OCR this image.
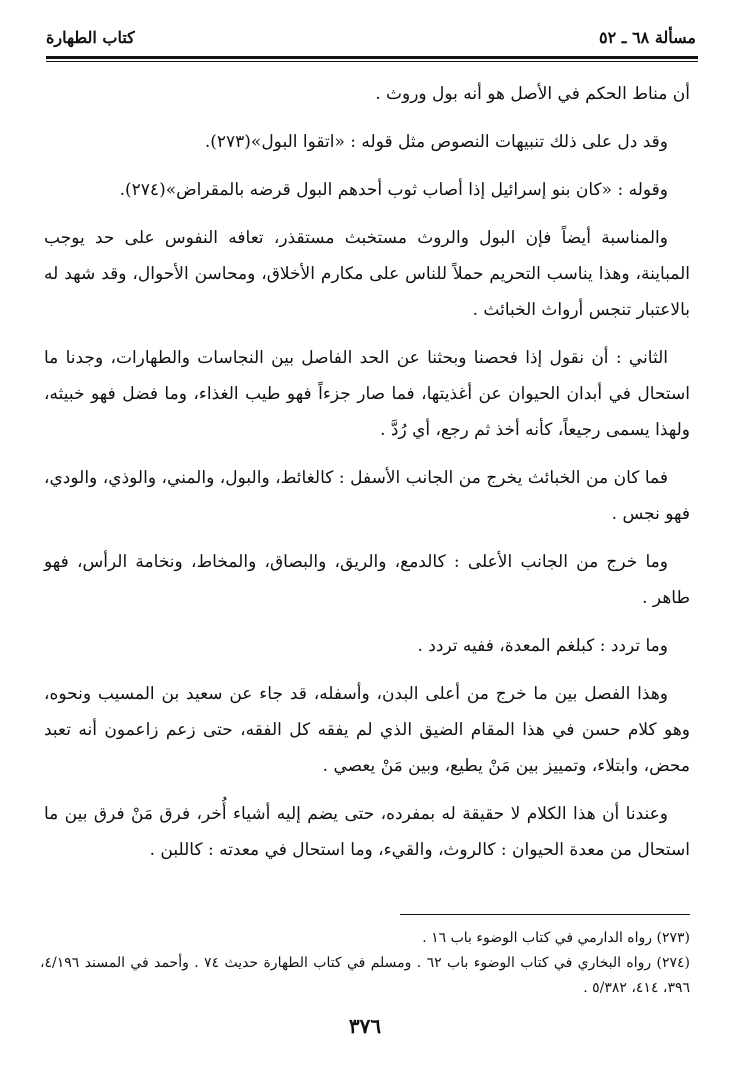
مسألة ٦٨ ـ ٥٢
كتاب الطهارة

أن مناط الحكم في الأصل هو أنه بول وروث .

وقد دل على ذلك تنبيهات النصوص مثل قوله : «اتقوا البول»(٢٧٣).

وقوله : «كان بنو إسرائيل إذا أصاب ثوب أحدهم البول قرضه بالمقراض»(٢٧٤).

والمناسبة أيضاً فإن البول والروث مستخبث مستقذر، تعافه النفوس على حد يوجب المباينة، وهذا يناسب التحريم حملاً للناس على مكارم الأخلاق، ومحاسن الأحوال، وقد شهد له بالاعتبار تنجس أرواث الخبائث .

الثاني : أن نقول إذا فحصنا وبحثنا عن الحد الفاصل بين النجاسات والطهارات، وجدنا ما استحال في أبدان الحيوان عن أغذيتها، فما صار جزءاً فهو طيب الغذاء، وما فضل فهو خبيثه، ولهذا يسمى رجيعاً، كأنه أخذ ثم رجع، أي رُدَّ .

فما كان من الخبائث يخرج من الجانب الأسفل : كالغائط، والبول، والمني، والوذي، والودي، فهو نجس .

وما خرج من الجانب الأعلى : كالدمع، والريق، والبصاق، والمخاط، ونخامة الرأس، فهو طاهر .

وما تردد : كبلغم المعدة، ففيه تردد .

وهذا الفصل بين ما خرج من أعلى البدن، وأسفله، قد جاء عن سعيد بن المسيب ونحوه، وهو كلام حسن في هذا المقام الضيق الذي لم يفقه كل الفقه، حتى زعم زاعمون أنه تعبد محض، وابتلاء، وتمييز بين مَنْ يطيع، وبين مَنْ يعصي .

وعندنا أن هذا الكلام لا حقيقة له بمفرده، حتى يضم إليه أشياء أُخر، فرق مَنْ فرق بين ما استحال من معدة الحيوان : كالروث، والقيء، وما استحال في معدته : كاللبن .

(٢٧٣) رواه الدارمي في كتاب الوضوء باب ١٦ .

(٢٧٤) رواه البخاري في كتاب الوضوء باب ٦٢ . ومسلم في كتاب الطهارة حديث ٧٤ . وأحمد في المسند ٤/١٩٦، ٣٩٦، ٤١٤، ٥/٣٨٢ .

٣٧٦
